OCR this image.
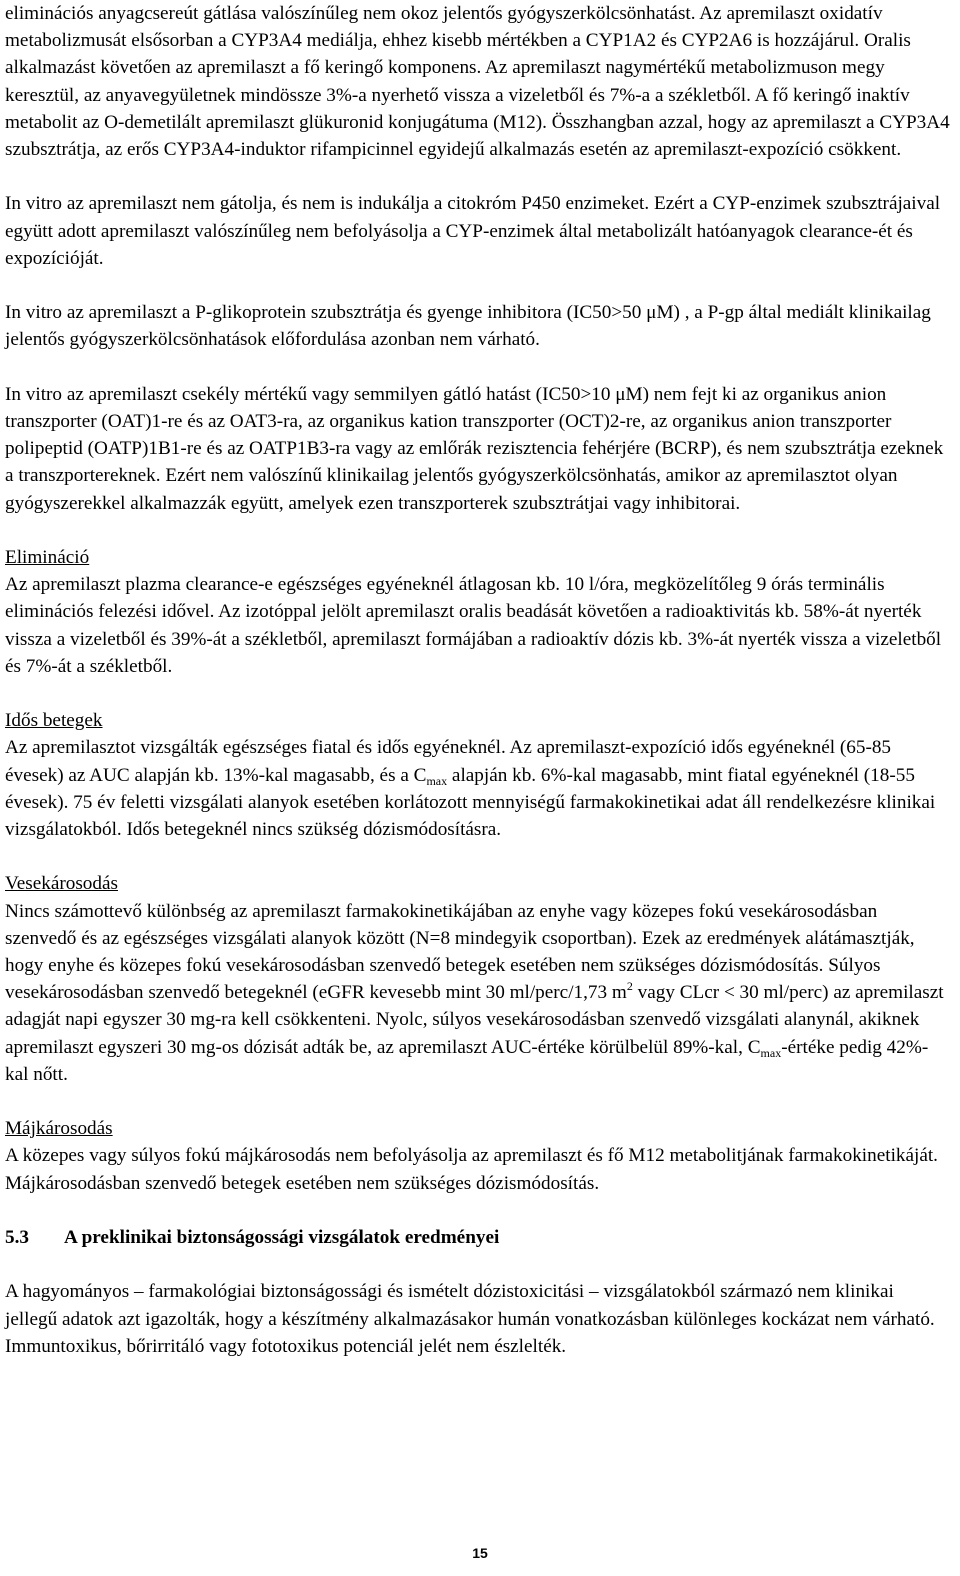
eliminációs anyagcsereút gátlása valószínűleg nem okoz jelentős gyógyszerkölcsönhatást. Az apremilaszt oxidatív metabolizmusát elsősorban a CYP3A4 mediálja, ehhez kisebb mértékben a CYP1A2 és CYP2A6 is hozzájárul. Oralis alkalmazást követően az apremilaszt a fő keringő komponens. Az apremilaszt nagymértékű metabolizmuson megy keresztül, az anyavegyületnek mindössze 3%-a nyerhető vissza a vizeletből és 7%-a a székletből. A fő keringő inaktív metabolit az O-demetilált apremilaszt glükuronid konjugátuma (M12). Összhangban azzal, hogy az apremilaszt a CYP3A4 szubsztrátja, az erős CYP3A4-induktor rifampicinnel egyidejű alkalmazás esetén az apremilaszt-expozíció csökkent.

In vitro az apremilaszt nem gátolja, és nem is indukálja a citokróm P450 enzimeket. Ezért a CYP-enzimek szubsztrájaival együtt adott apremilaszt valószínűleg nem befolyásolja a CYP-enzimek által metabolizált hatóanyagok clearance-ét és expozícióját.

In vitro az apremilaszt a P-glikoprotein szubsztrátja és gyenge inhibitora (IC50>50 μM) , a P-gp által mediált klinikailag jelentős gyógyszerkölcsönhatások előfordulása azonban nem várható.

In vitro az apremilaszt csekély mértékű vagy semmilyen gátló hatást (IC50>10 μM) nem fejt ki az organikus anion transzporter (OAT)1-re és az OAT3-ra, az organikus kation transzporter (OCT)2-re, az organikus anion transzporter polipeptid (OATP)1B1-re és az OATP1B3-ra vagy az emlőrák rezisztencia fehérjére (BCRP), és nem szubsztrátja ezeknek a transzportereknek. Ezért nem valószínű klinikailag jelentős gyógyszerkölcsönhatás, amikor az apremilasztot olyan gyógyszerekkel alkalmazzák együtt, amelyek ezen transzporterek szubsztrátjai vagy inhibitorai.

Elimináció

Az apremilaszt plazma clearance-e egészséges egyéneknél átlagosan kb. 10 l/óra, megközelítőleg 9 órás terminális eliminációs felezési idővel. Az izotóppal jelölt apremilaszt oralis beadását követően a radioaktivitás kb. 58%-át nyerték vissza a vizeletből és 39%-át a székletből, apremilaszt formájában a radioaktív dózis kb. 3%-át nyerték vissza a vizeletből és 7%-át a székletből.

Idős betegek

Az apremilasztot vizsgálták egészséges fiatal és idős egyéneknél. Az apremilaszt-expozíció idős egyéneknél (65-85 évesek) az AUC alapján kb. 13%-kal magasabb, és a $C_{max}$ alapján kb. 6%-kal magasabb, mint fiatal egyéneknél (18-55 évesek). 75 év feletti vizsgálati alanyok esetében korlátozott mennyiségű farmakokinetikai adat áll rendelkezésre klinikai vizsgálatokból. Idős betegeknél nincs szükség dózismódosításra.

Vesekárosodás

Nincs számottevő különbség az apremilaszt farmakokinetikájában az enyhe vagy közepes fokú vesekárosodásban szenvedő és az egészséges vizsgálati alanyok között (N=8 mindegyik csoportban). Ezek az eredmények alátámasztják, hogy enyhe és közepes fokú vesekárosodásban szenvedő betegek esetében nem szükséges dózismódosítás. Súlyos vesekárosodásban szenvedő betegeknél (eGFR kevesebb mint 30 ml/perc/1,73 $m^2$ vagy CLcr < 30 ml/perc) az apremilaszt adagját napi egyszer 30 mg-ra kell csökkenteni. Nyolc, súlyos vesekárosodásban szenvedő vizsgálati alanynál, akiknek apremilaszt egyszeri 30 mg-os dózisát adták be, az apremilaszt AUC-értéke körülbelül 89%-kal, $C_{max}$-értéke pedig 42%-kal nőtt.

Májkárosodás

A közepes vagy súlyos fokú májkárosodás nem befolyásolja az apremilaszt és fő M12 metabolitjának farmakokinetikáját. Májkárosodásban szenvedő betegek esetében nem szükséges dózismódosítás.

5.3	A preklinikai biztonságossági vizsgálatok eredményei

A hagyományos – farmakológiai biztonságossági és ismételt dózistoxicitási – vizsgálatokból származó nem klinikai jellegű adatok azt igazolták, hogy a készítmény alkalmazásakor humán vonatkozásban különleges kockázat nem várható. Immuntoxikus, bőrirritáló vagy fototoxikus potenciál jelét nem észlelték.

15
